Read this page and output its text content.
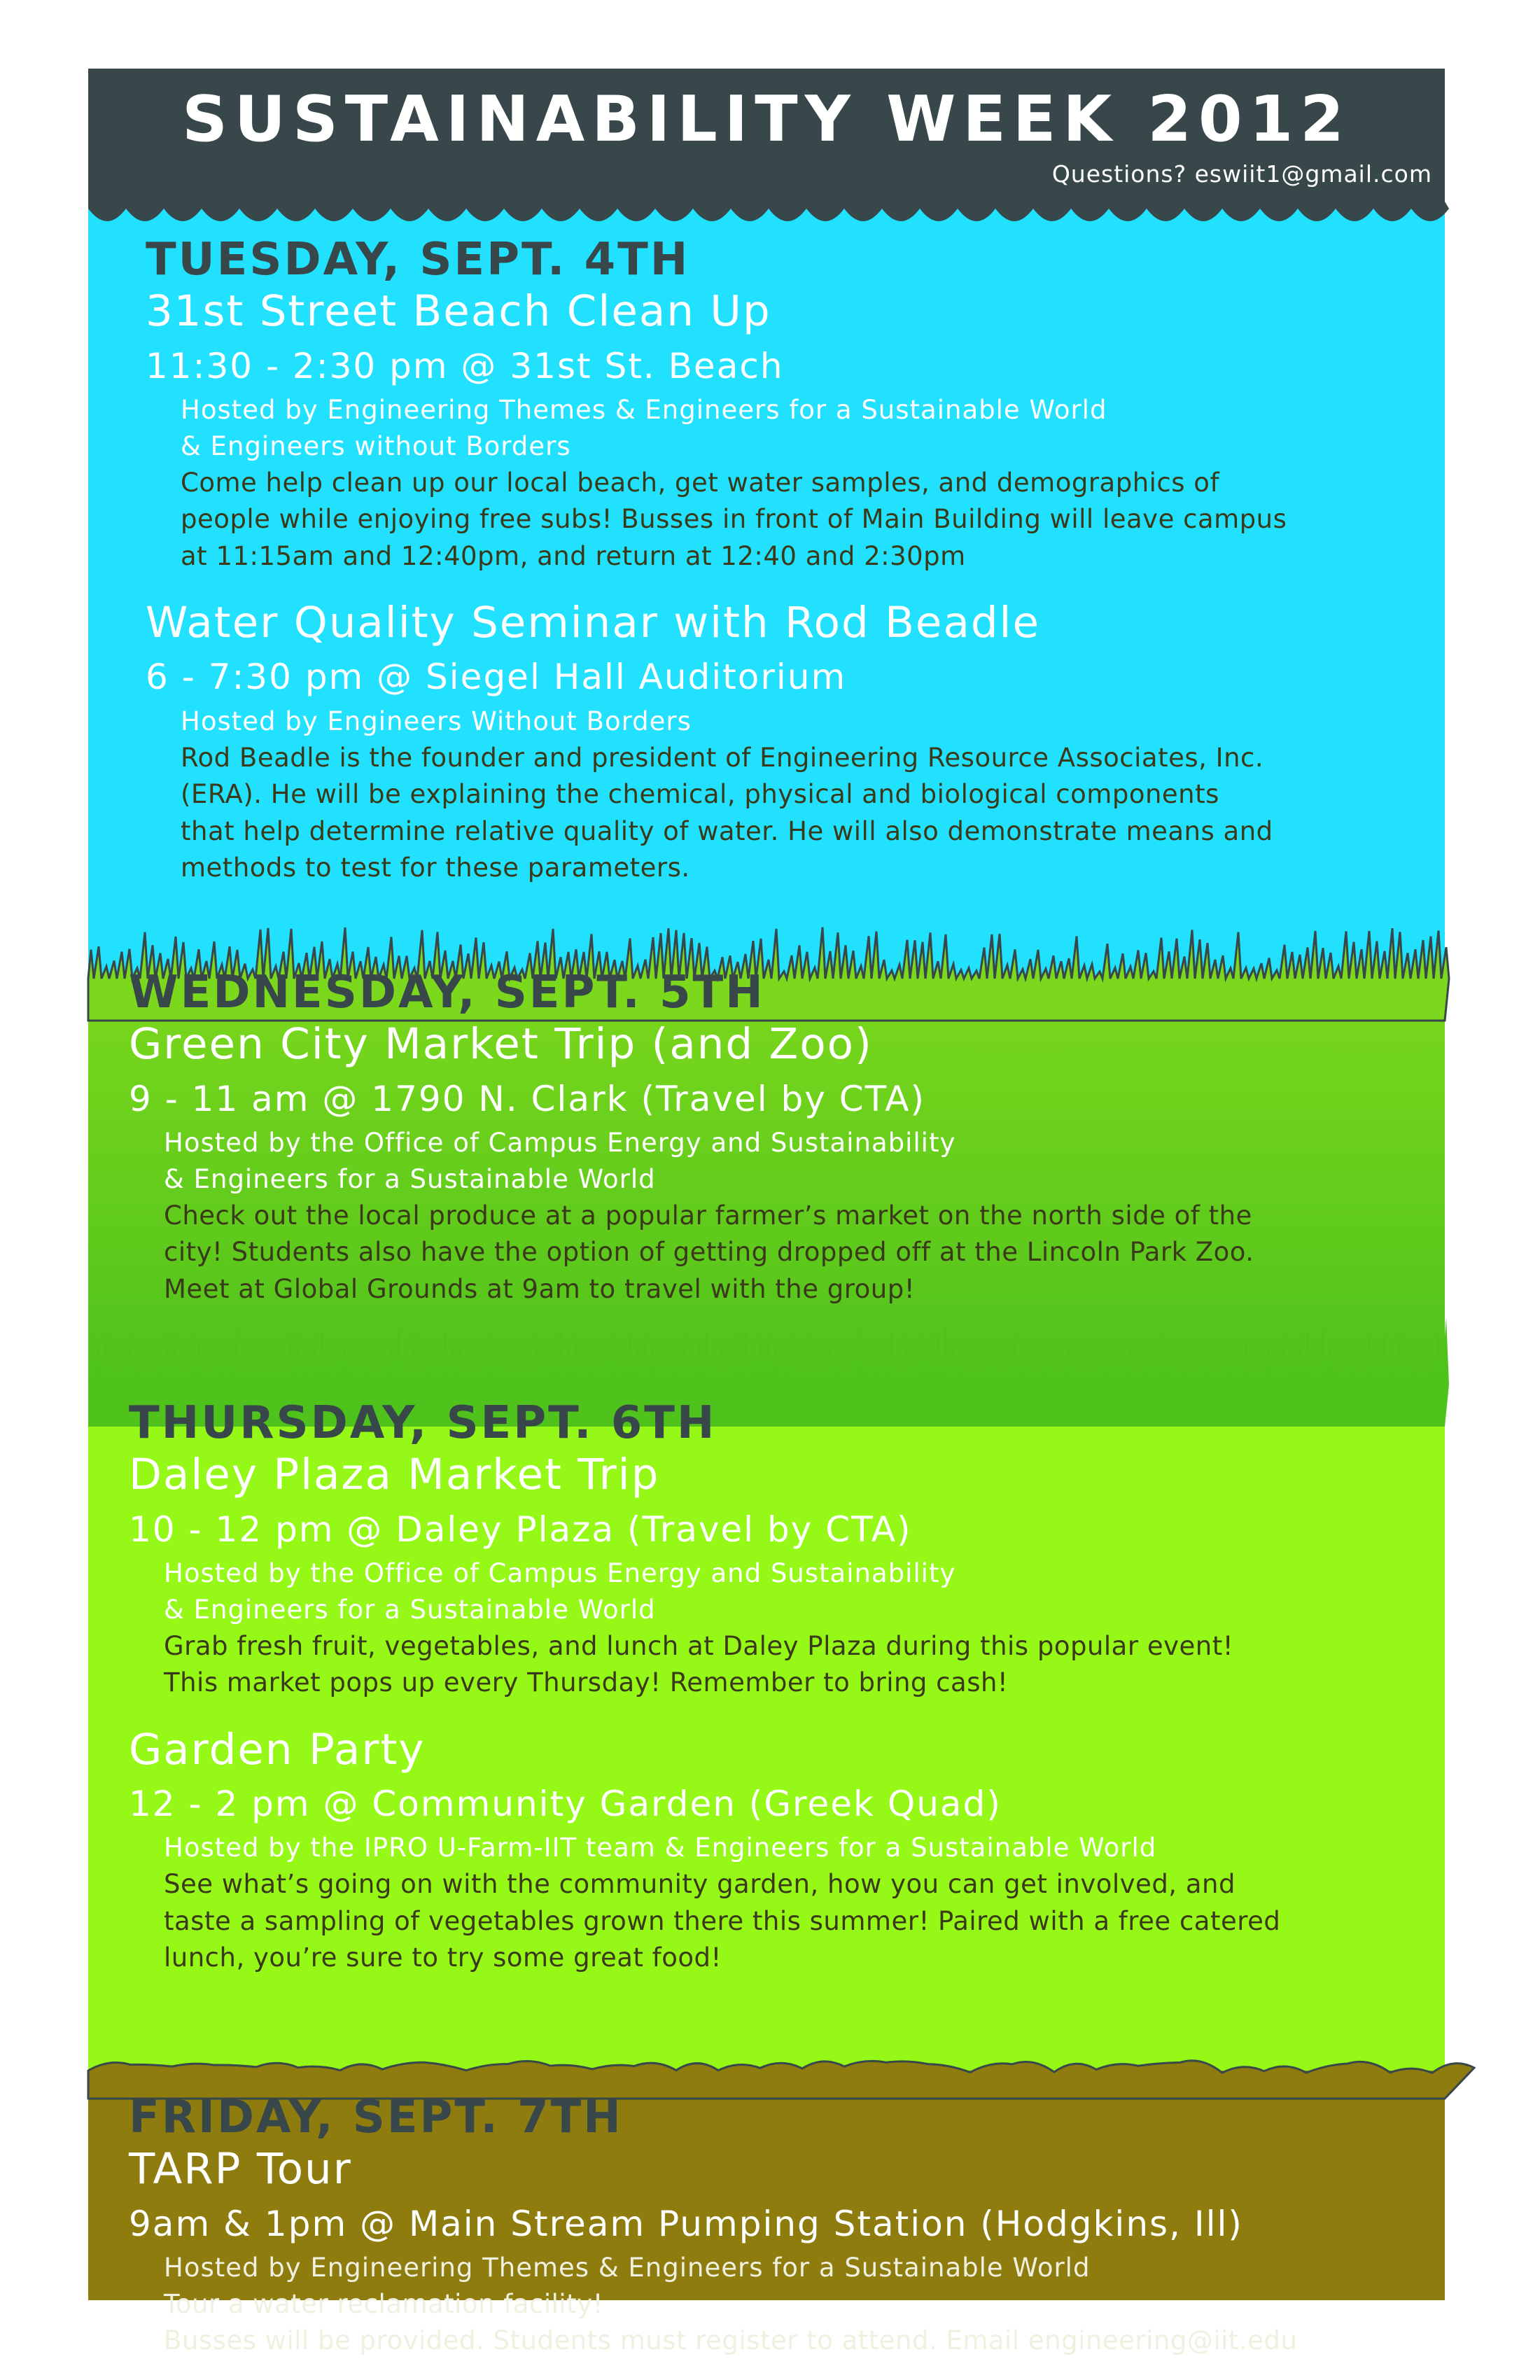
SUSTAINABILITY WEEK 2012
Questions? eswiit1@gmail.com
TUESDAY, SEPT. 4TH
31st Street Beach Clean Up
11:30 - 2:30 pm @ 31st St. Beach
Hosted by Engineering Themes & Engineers for a Sustainable World
& Engineers without Borders
Come help clean up our local beach, get water samples, and demographics of
people while enjoying free subs! Busses in front of Main Building will leave campus
at 11:15am and 12:40pm, and return at 12:40 and 2:30pm
Water Quality Seminar with Rod Beadle
6 - 7:30 pm @ Siegel Hall Auditorium
Hosted by Engineers Without Borders
Rod Beadle is the founder and president of Engineering Resource Associates, Inc.
(ERA). He will be explaining the chemical, physical and biological components
that help determine relative quality of water. He will also demonstrate means and
methods to test for these parameters.
WEDNESDAY, SEPT. 5TH
Green City Market Trip (and Zoo)
9 - 11 am @ 1790 N. Clark (Travel by CTA)
Hosted by the Office of Campus Energy and Sustainability
& Engineers for a Sustainable World
Check out the local produce at a popular farmer’s market on the north side of the
city! Students also have the option of getting dropped off at the Lincoln Park Zoo.
Meet at Global Grounds at 9am to travel with the group!
THURSDAY, SEPT. 6TH
Daley Plaza Market Trip
10 - 12 pm @ Daley Plaza (Travel by CTA)
Hosted by the Office of Campus Energy and Sustainability
& Engineers for a Sustainable World
Grab fresh fruit, vegetables, and lunch at Daley Plaza during this popular event!
This market pops up every Thursday! Remember to bring cash!
Garden Party
12 - 2 pm @ Community Garden (Greek Quad)
Hosted by the IPRO U-Farm-IIT team & Engineers for a Sustainable World
See what’s going on with the community garden, how you can get involved, and
taste a sampling of vegetables grown there this summer! Paired with a free catered
lunch, you’re sure to try some great food!
FRIDAY, SEPT. 7TH
TARP Tour
9am & 1pm @ Main Stream Pumping Station (Hodgkins, Ill)
Hosted by Engineering Themes & Engineers for a Sustainable World
Tour a water reclamation facility!
Busses will be provided. Students must register to attend. Email engineering@iit.edu
